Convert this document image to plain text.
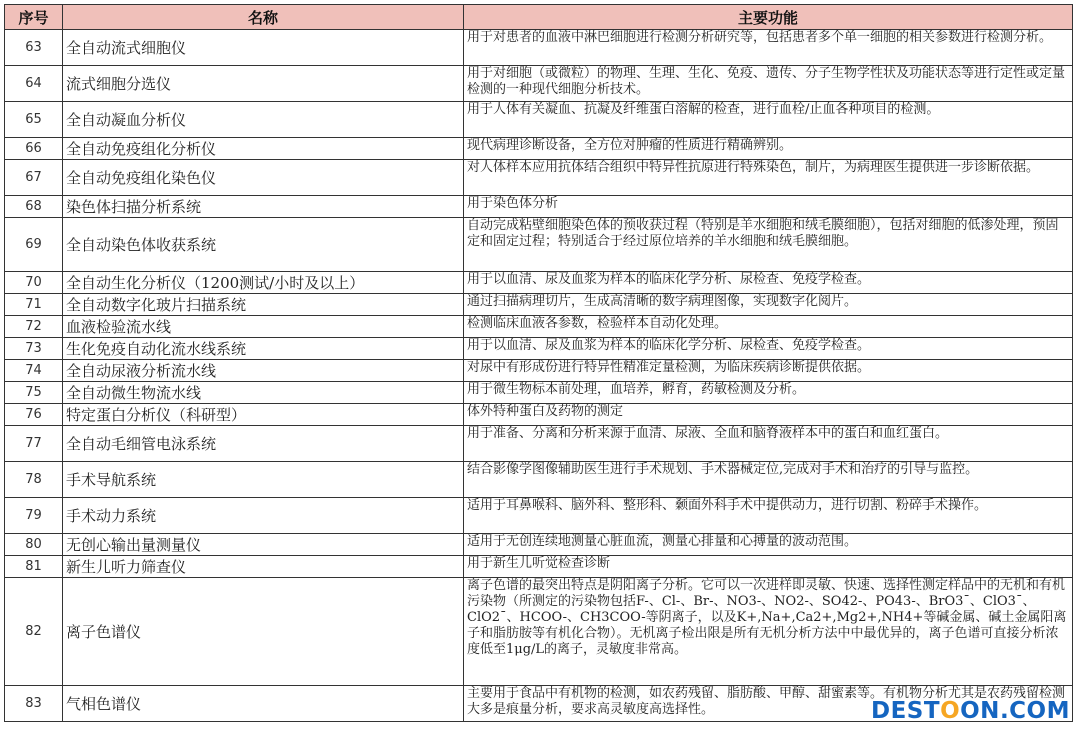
序号	名称	主要功能
63	全自动流式细胞仪	用于对患者的血液中淋巴细胞进行检测分析研究等，包括患者多个单一细胞的相关参数进行检测分析。
64	流式细胞分选仪	用于对细胞（或微粒）的物理、生理、生化、免疫、遗传、分子生物学性状及功能状态等进行定性或定量检测的一种现代细胞分析技术。
65	全自动凝血分析仪	用于人体有关凝血、抗凝及纤维蛋白溶解的检查，进行血栓/止血各种项目的检测。
66	全自动免疫组化分析仪	现代病理诊断设备，全方位对肿瘤的性质进行精确辨别。
67	全自动免疫组化染色仪	对人体样本应用抗体结合组织中特异性抗原进行特殊染色，制片，为病理医生提供进一步诊断依据。
68	染色体扫描分析系统	用于染色体分析
69	全自动染色体收获系统	自动完成粘壁细胞染色体的预收获过程（特别是羊水细胞和绒毛膜细胞），包括对细胞的低渗处理，预固定和固定过程；特别适合于经过原位培养的羊水细胞和绒毛膜细胞。
70	全自动生化分析仪（1200测试/小时及以上）	用于以血清、尿及血浆为样本的临床化学分析、尿检查、免疫学检查。
71	全自动数字化玻片扫描系统	通过扫描病理切片，生成高清晰的数字病理图像，实现数字化阅片。
72	血液检验流水线	检测临床血液各参数，检验样本自动化处理。
73	生化免疫自动化流水线系统	用于以血清、尿及血浆为样本的临床化学分析、尿检查、免疫学检查。
74	全自动尿液分析流水线	对尿中有形成份进行特异性精准定量检测，为临床疾病诊断提供依据。
75	全自动微生物流水线	用于微生物标本前处理，血培养，孵育，药敏检测及分析。
76	特定蛋白分析仪（科研型）	体外特种蛋白及药物的测定
77	全自动毛细管电泳系统	用于准备、分离和分析来源于血清、尿液、全血和脑脊液样本中的蛋白和血红蛋白。
78	手术导航系统	结合影像学图像辅助医生进行手术规划、手术器械定位,完成对手术和治疗的引导与监控。
79	手术动力系统	适用于耳鼻喉科、脑外科、整形科、颡面外科手术中提供动力，进行切割、粉碎手术操作。
80	无创心输出量测量仪	适用于无创连续地测量心脏血流，测量心排量和心搏量的波动范围。
81	新生儿听力筛查仪	用于新生儿听觉检查诊断
82	离子色谱仪	离子色谱的最突出特点是阴阳离子分析。它可以一次进样即灵敏、快速、选择性测定样品中的无机和有机污染物（所测定的污染物包括F-、Cl-、Br-、NO3-、NO2-、SO42-、PO43-、BrO3¯、ClO3¯、ClO2¯、HCOO-、CH3COO-等阴离子，以及K+,Na+,Ca2+,Mg2+,NH4+等碱金属、碱土金属阳离子和脂肪胺等有机化合物）。无机离子检出限是所有无机分析方法中中最优异的，离子色谱可直接分析浓度低至1μg/L的离子，灵敏度非常高。
83	气相色谱仪	主要用于食品中有机物的检测，如农药残留、脂肪酸、甲醇、甜蜜素等。有机物分析尤其是农药残留检测大多是痕量分析，要求高灵敏度高选择性。	DESTOON.COM
